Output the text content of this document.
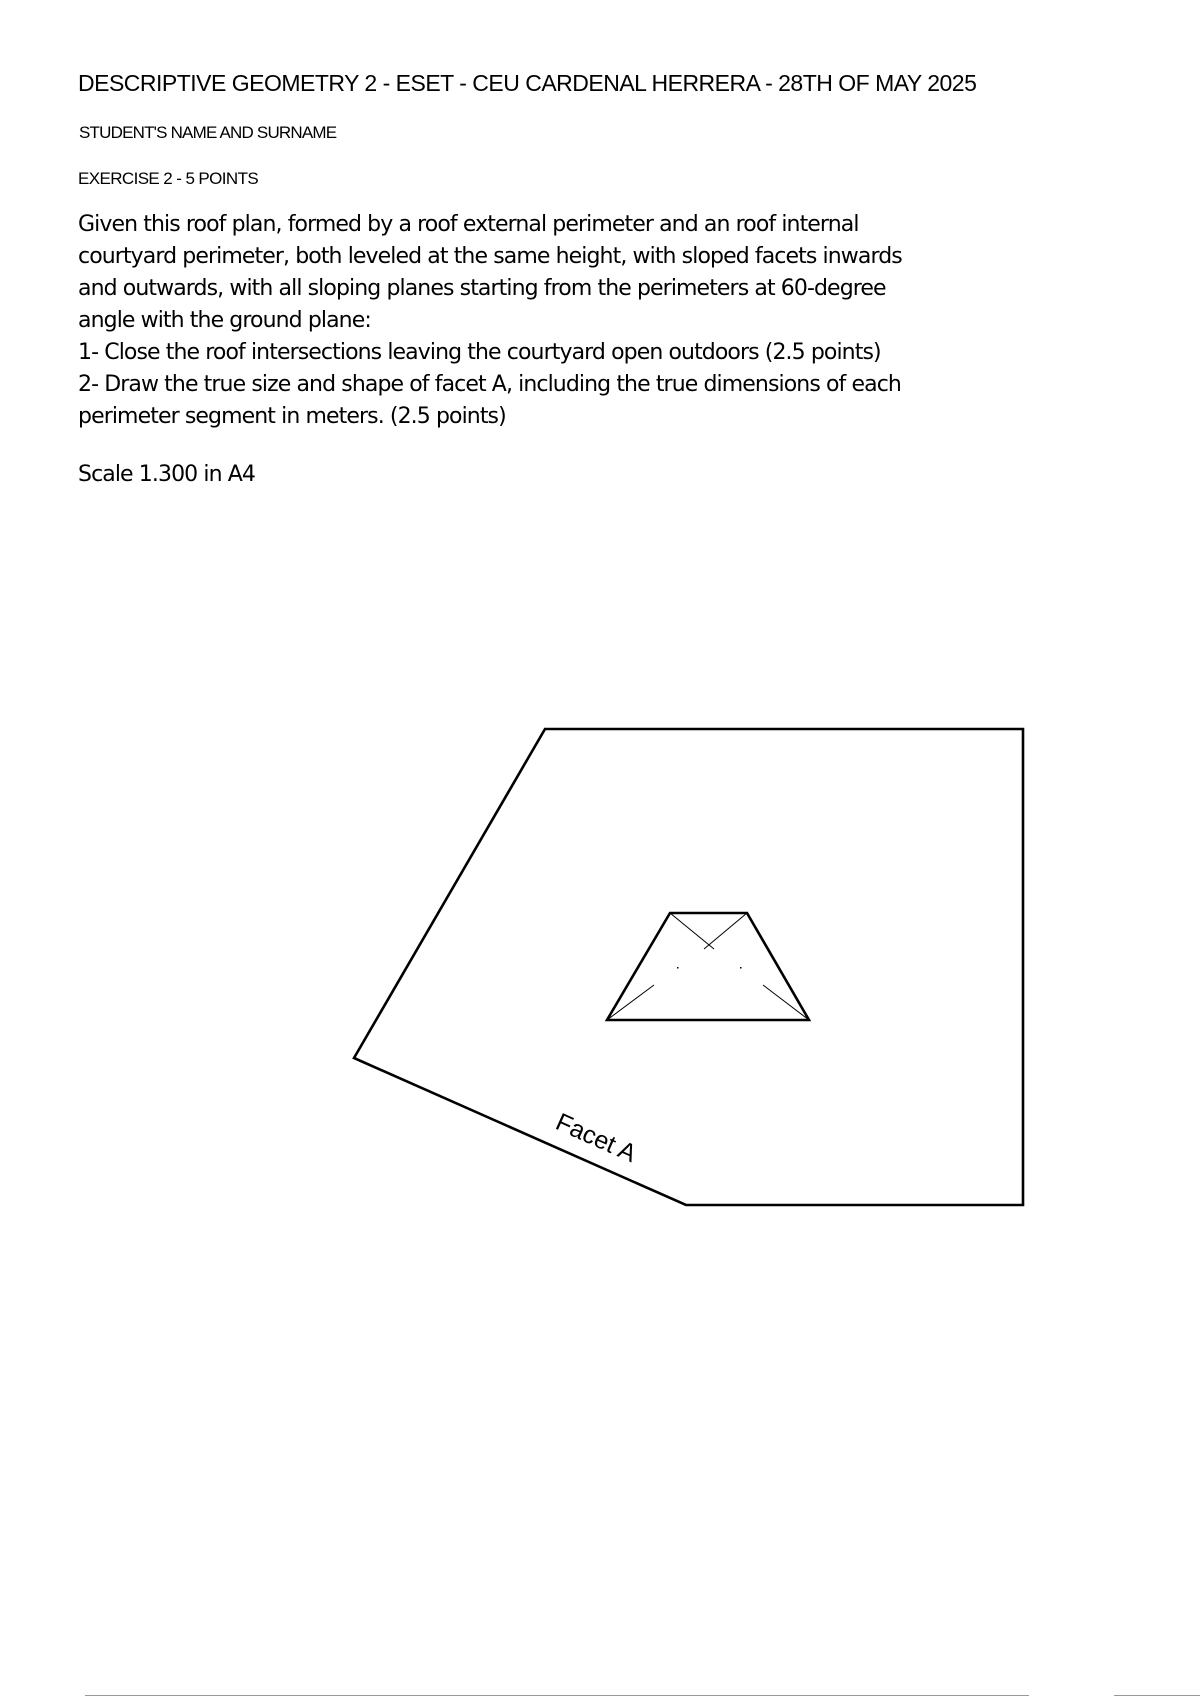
DESCRIPTIVE GEOMETRY 2 - ESET - CEU CARDENAL HERRERA - 28TH OF MAY 2025
STUDENT'S NAME AND SURNAME
EXERCISE 2 - 5 POINTS

Given this roof plan, formed by a roof external perimeter and an roof internal

courtyard perimeter, both leveled at the same height, with sloped facets inwards

and outwards, with all sloping planes starting from the perimeters at 60-degree

angle with the ground plane:

1- Close the roof intersections leaving the courtyard open outdoors (2.5 points)

2- Draw the true size and shape of facet A, including the true dimensions of each

perimeter segment in meters. (2.5 points)

Scale 1.300 in A4
Facet A
